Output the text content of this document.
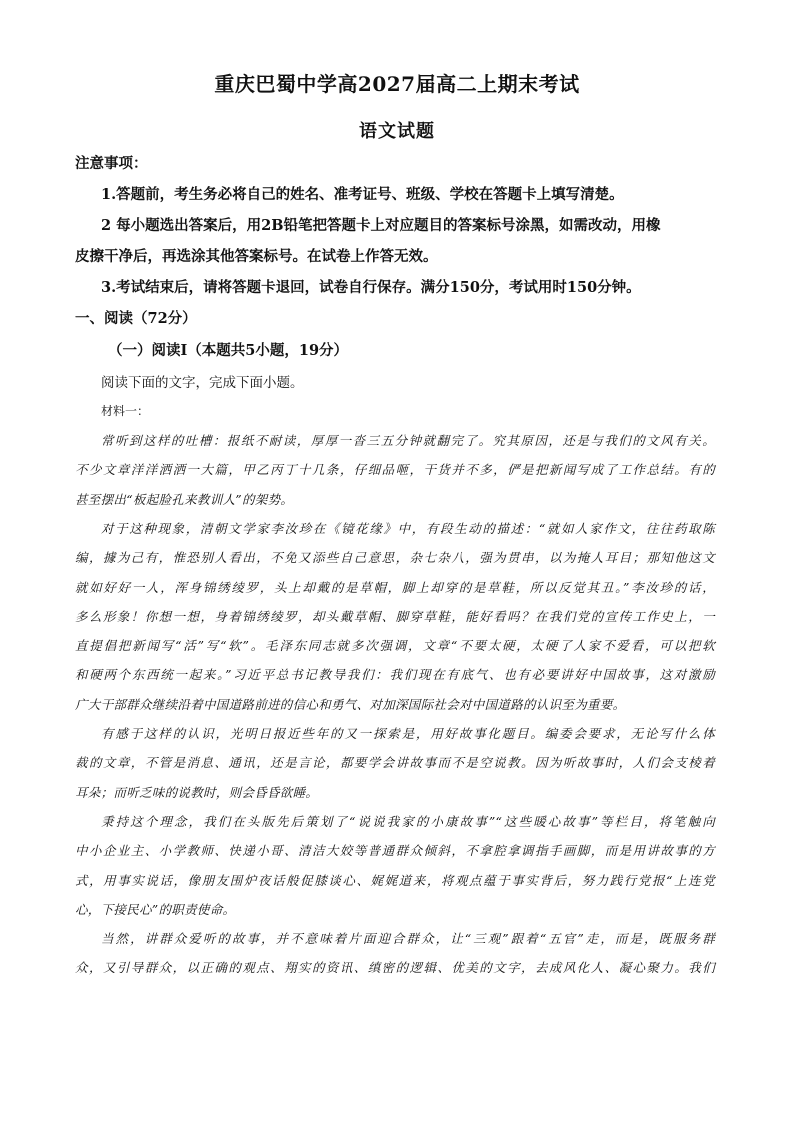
重庆巴蜀中学高2027届高二上期末考试
语文试题
注意事项：
1.答题前，考生务必将自己的姓名、准考证号、班级、学校在答题卡上填写清楚。
2 每小题选出答案后，用2B铅笔把答题卡上对应题目的答案标号涂黑，如需改动，用橡
皮擦干净后，再选涂其他答案标号。在试卷上作答无效。
3.考试结束后，请将答题卡退回，试卷自行保存。满分150分，考试用时150分钟。
一、阅读（72分）
（一）阅读Ⅰ（本题共5小题，19分）
阅读下面的文字，完成下面小题。
材料一：
常听到这样的吐槽：报纸不耐读，厚厚一沓三五分钟就翻完了。究其原因，还是与我们的文风有关。
不少文章洋洋洒洒一大篇，甲乙丙丁十几条，仔细品咂，干货并不多，俨是把新闻写成了工作总结。有的
甚至摆出“板起脸孔来教训人”的架势。
对于这种现象，清朝文学家李汝珍在《镜花缘》中，有段生动的描述：“就如人家作文，往往药取陈
编，據为己有，惟恐别人看出，不免又添些自己意思，杂七杂八，强为贯串，以为掩人耳目；那知他这文
就如好好一人，浑身锦绣绫罗，头上却戴的是草帽，脚上却穿的是草鞋，所以反觉其丑。”李汝珍的话，
多么形象！你想一想，身着锦绣绫罗，却头戴草帽、脚穿草鞋，能好看吗？在我们党的宣传工作史上，一
直提倡把新闻写“活”写“软”。毛泽东同志就多次强调，文章“不要太硬，太硬了人家不爱看，可以把软
和硬两个东西统一起来。”习近平总书记教导我们：我们现在有底气、也有必要讲好中国故事，这对激励
广大干部群众继续沿着中国道路前进的信心和勇气、对加深国际社会对中国道路的认识至为重要。
有感于这样的认识，光明日报近些年的又一探索是，用好故事化题目。编委会要求，无论写什么体
裁的文章，不管是消息、通讯，还是言论，都要学会讲故事而不是空说教。因为听故事时，人们会支棱着
耳朵；而听乏味的说教时，则会昏昏欲睡。
秉持这个理念，我们在头版先后策划了“说说我家的小康故事”“这些暖心故事”等栏目，将笔触向
中小企业主、小学教师、快递小哥、清洁大姣等普通群众倾斜，不拿腔拿调指手画脚，而是用讲故事的方
式，用事实说话，像朋友围炉夜话般促膝谈心、娓娓道来，将观点蕴于事实背后，努力践行党报“上连党
心，下接民心”的职责使命。
当然，讲群众爱听的故事，并不意味着片面迎合群众，让“三观”跟着“五官”走，而是，既服务群
众，又引导群众，以正确的观点、翔实的资讯、缜密的逻辑、优美的文字，去成风化人、凝心聚力。我们
